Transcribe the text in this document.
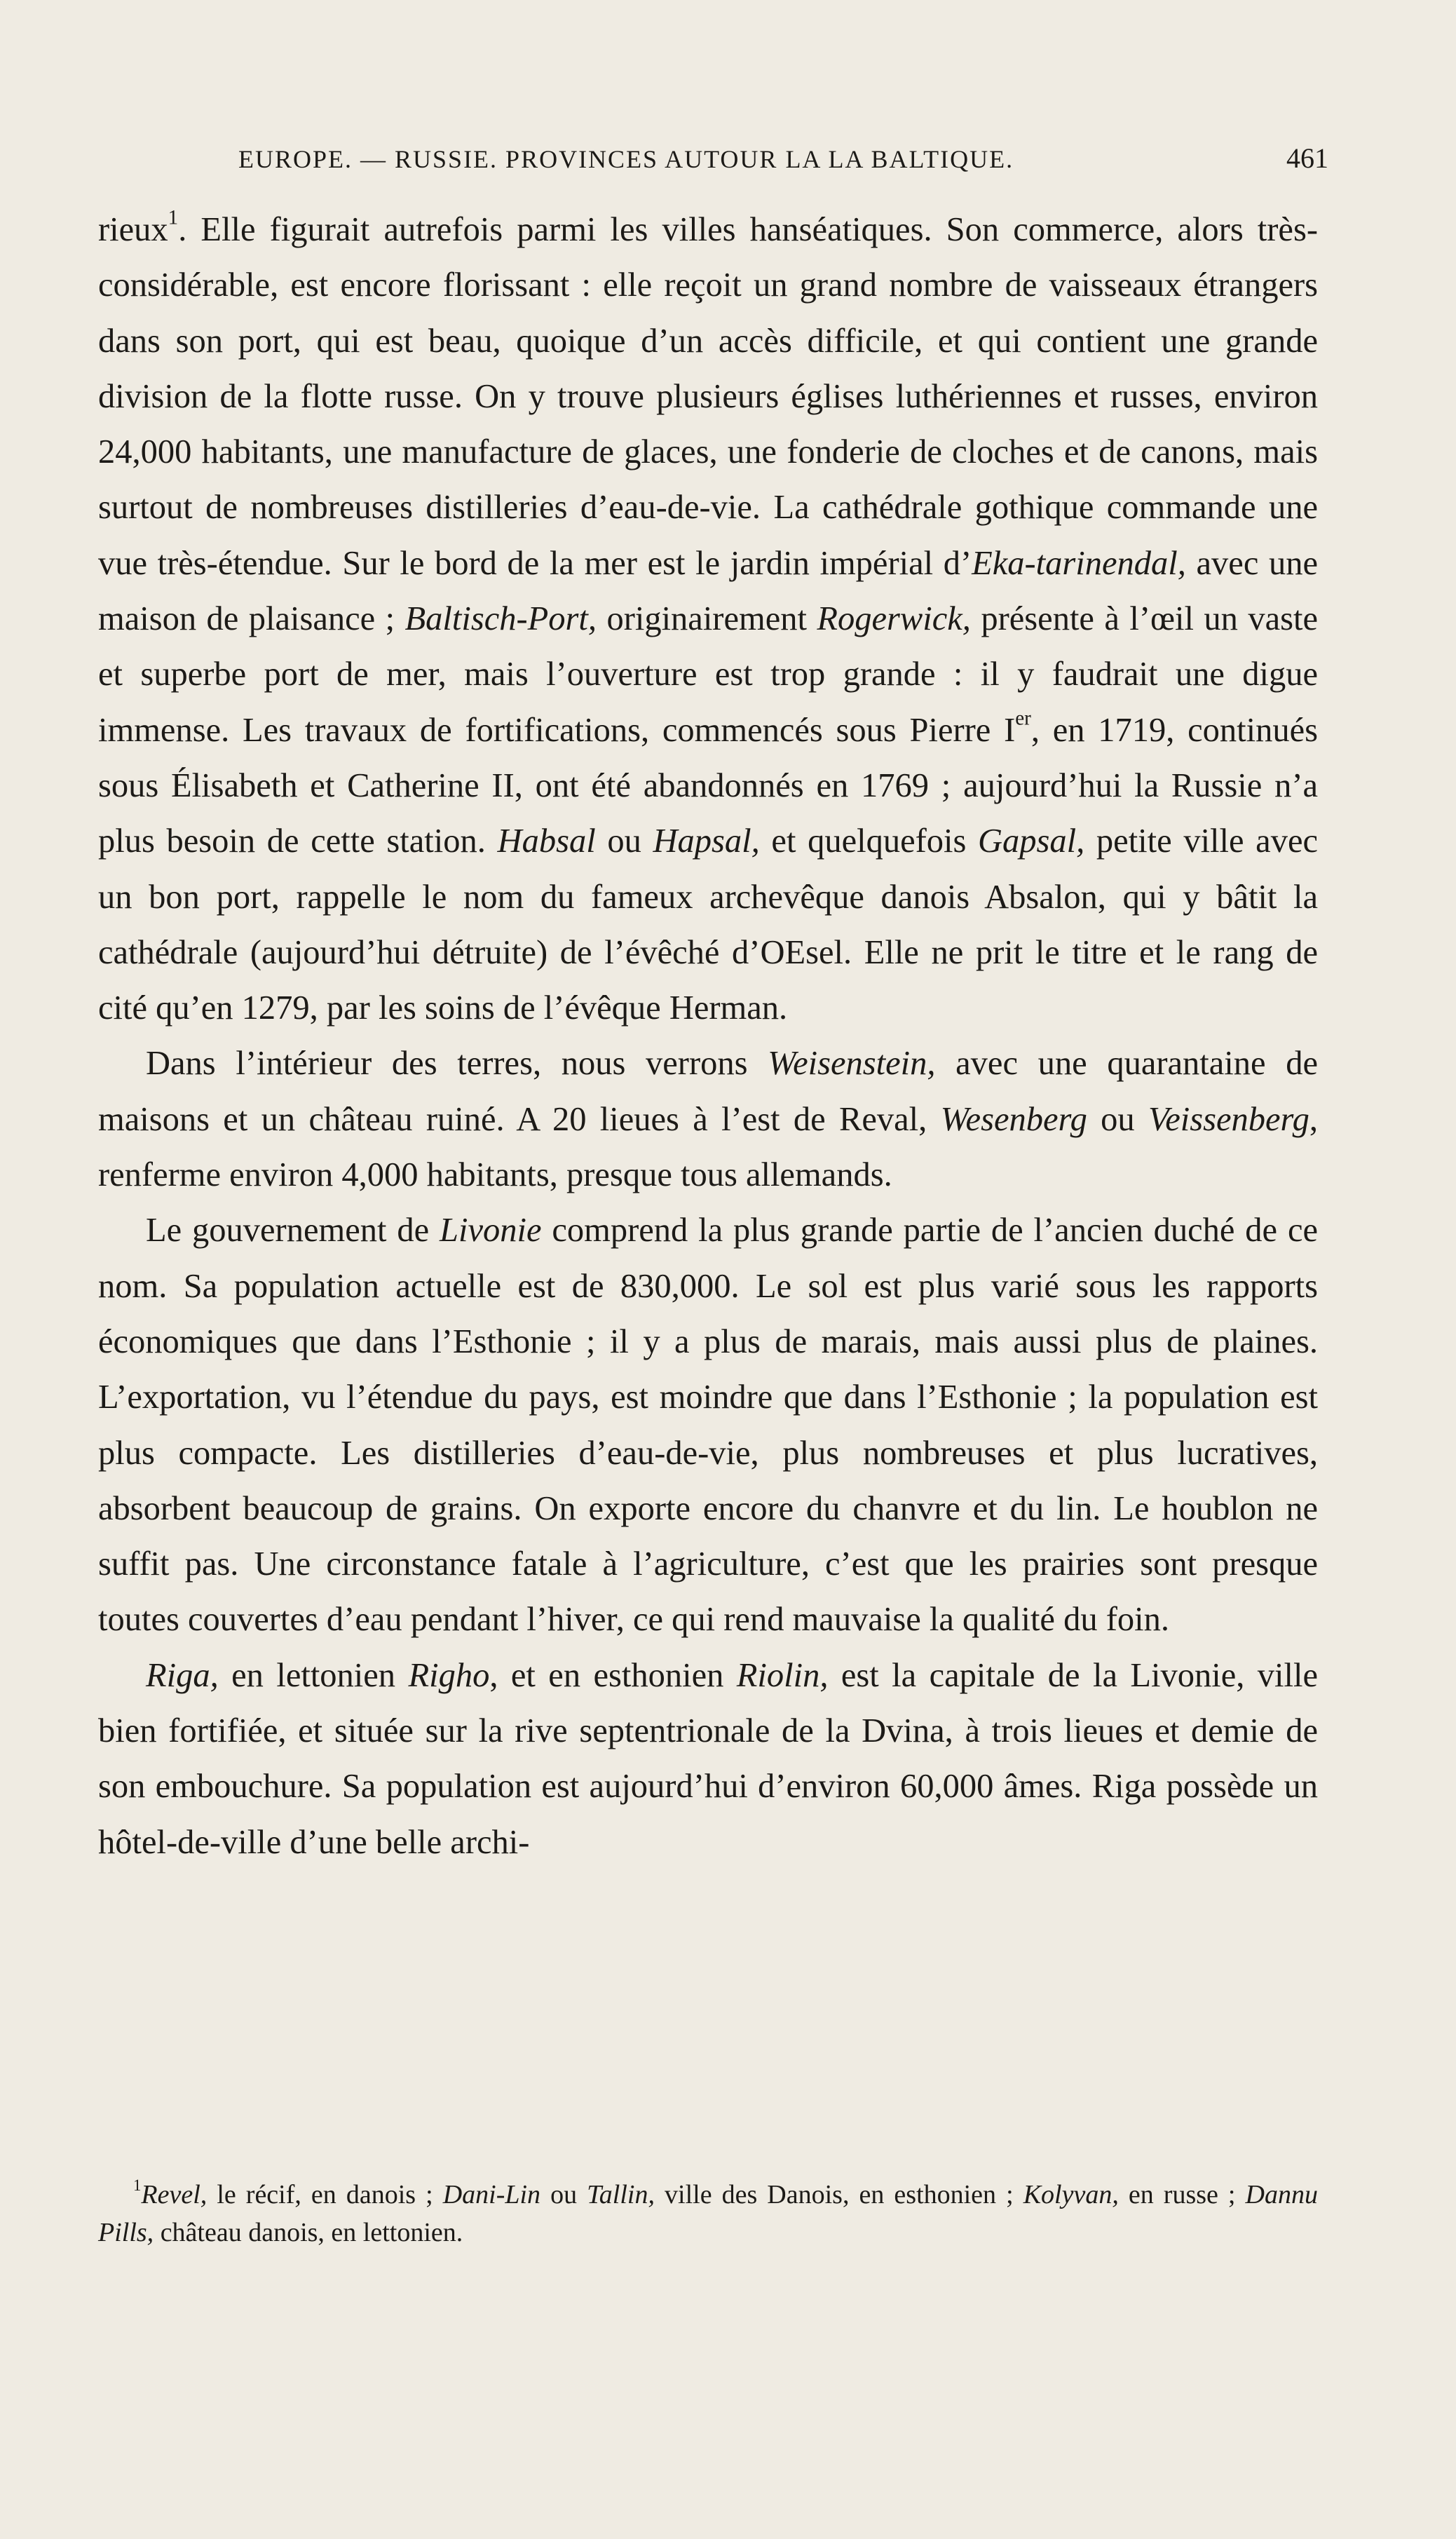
EUROPE. — RUSSIE. PROVINCES AUTOUR LA LA BALTIQUE.	461

rieux$^1$. Elle figurait autrefois parmi les villes hanséatiques. Son commerce, alors très-considérable, est encore florissant : elle reçoit un grand nombre de vaisseaux étrangers dans son port, qui est beau, quoique d’un accès difficile, et qui contient une grande division de la flotte russe. On y trouve plusieurs églises luthériennes et russes, environ 24,000 habitants, une manufacture de glaces, une fonderie de cloches et de canons, mais surtout de nombreuses distilleries d’eau-de-vie. La cathédrale gothique commande une vue très-étendue. Sur le bord de la mer est le jardin impérial d’Eka-tarinendal, avec une maison de plaisance ; Baltisch-Port, originairement Rogerwick, présente à l’œil un vaste et superbe port de mer, mais l’ouverture est trop grande : il y faudrait une digue immense. Les travaux de fortifications, commencés sous Pierre Ier, en 1719, continués sous Élisabeth et Catherine II, ont été abandonnés en 1769 ; aujourd’hui la Russie n’a plus besoin de cette station. Habsal ou Hapsal, et quelquefois Gapsal, petite ville avec un bon port, rappelle le nom du fameux archevêque danois Absalon, qui y bâtit la cathédrale (aujourd’hui détruite) de l’évêché d’OEsel. Elle ne prit le titre et le rang de cité qu’en 1279, par les soins de l’évêque Herman.

Dans l’intérieur des terres, nous verrons Weisenstein, avec une quarantaine de maisons et un château ruiné. A 20 lieues à l’est de Reval, Wesenberg ou Veissenberg, renferme environ 4,000 habitants, presque tous allemands.

Le gouvernement de Livonie comprend la plus grande partie de l’ancien duché de ce nom. Sa population actuelle est de 830,000. Le sol est plus varié sous les rapports économiques que dans l’Esthonie ; il y a plus de marais, mais aussi plus de plaines. L’exportation, vu l’étendue du pays, est moindre que dans l’Esthonie ; la population est plus compacte. Les distilleries d’eau-de-vie, plus nombreuses et plus lucratives, absorbent beaucoup de grains. On exporte encore du chanvre et du lin. Le houblon ne suffit pas. Une circonstance fatale à l’agriculture, c’est que les prairies sont presque toutes couvertes d’eau pendant l’hiver, ce qui rend mauvaise la qualité du foin.

Riga, en lettonien Righo, et en esthonien Riolin, est la capitale de la Livonie, ville bien fortifiée, et située sur la rive septentrionale de la Dvina, à trois lieues et demie de son embouchure. Sa population est aujourd’hui d’environ 60,000 âmes. Riga possède un hôtel-de-ville d’une belle archi-

$^1$Revel, le récif, en danois ; Dani-Lin ou Tallin, ville des Danois, en esthonien ; Kolyvan, en russe ; Dannu Pills, château danois, en lettonien.
